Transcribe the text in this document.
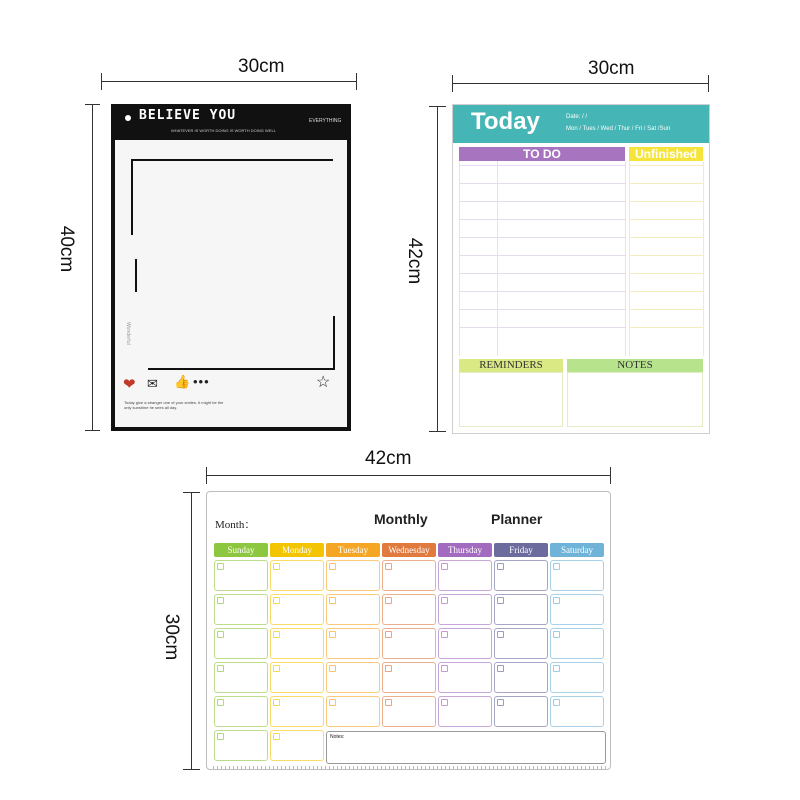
30cm
40cm
30cm
42cm
42cm
30cm
BELIEVE YOU
WHATEVER IS WORTH DOING IS WORTH DOING WELL
EVERYTHING
Wonderful
❤ ✉ 👍 •••	☆
Today give a stranger one of your smiles. It might be the only sunshine he sees all day.
Today	Date: / /
Mon / Tues / Wed / Thur / Fri / Sat /Sun
TO DO	Unfinished
REMINDERS	NOTES
Month：	Monthly	Planner
Sunday	Monday	Tuesday	Wednesday	Thursday	Friday	Saturday
Notes:
